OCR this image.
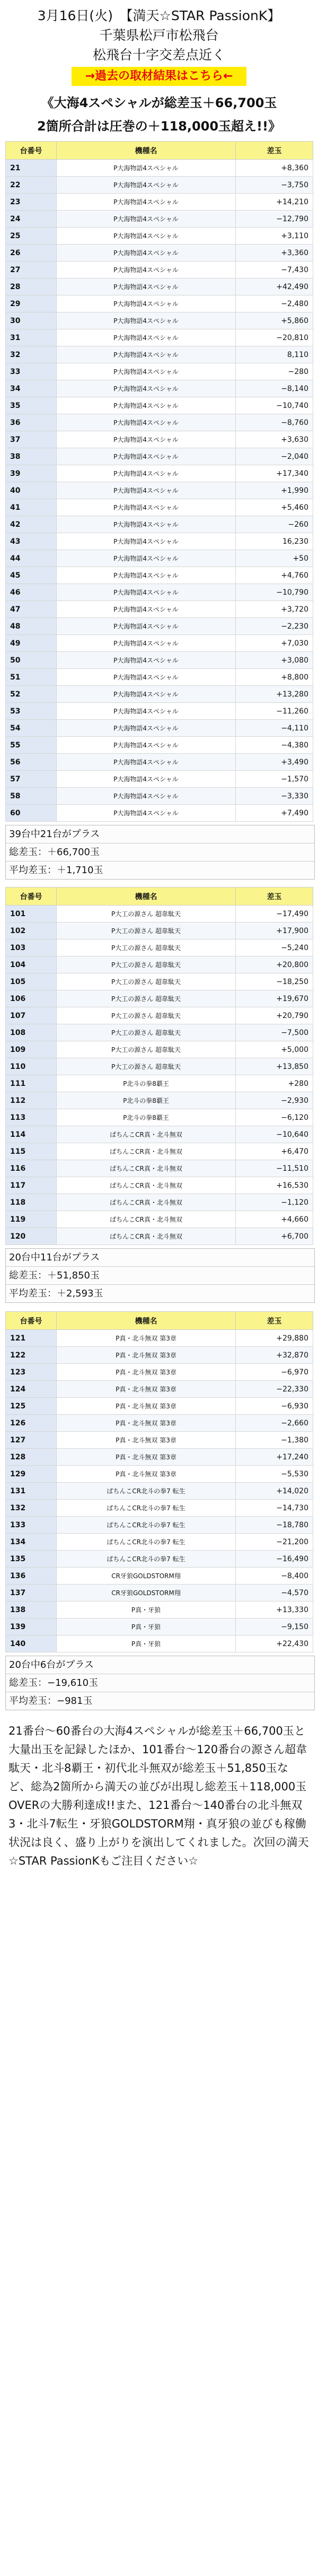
3月16日(火)　【満天☆STAR PassionK】
千葉県松戸市松飛台
松飛台十字交差点近く
→過去の取材結果はこちら←
《大海4スペシャルが総差玉＋66,700玉
2箇所合計は圧巻の＋118,000玉超え!!》
台番号	機種名	差玉
21	P大海物語4スペシャル	+8,360
22	P大海物語4スペシャル	−3,750
23	P大海物語4スペシャル	+14,210
24	P大海物語4スペシャル	−12,790
25	P大海物語4スペシャル	+3,110
26	P大海物語4スペシャル	+3,360
27	P大海物語4スペシャル	−7,430
28	P大海物語4スペシャル	+42,490
29	P大海物語4スペシャル	−2,480
30	P大海物語4スペシャル	+5,860
31	P大海物語4スペシャル	−20,810
32	P大海物語4スペシャル	8,110
33	P大海物語4スペシャル	−280
34	P大海物語4スペシャル	−8,140
35	P大海物語4スペシャル	−10,740
36	P大海物語4スペシャル	−8,760
37	P大海物語4スペシャル	+3,630
38	P大海物語4スペシャル	−2,040
39	P大海物語4スペシャル	+17,340
40	P大海物語4スペシャル	+1,990
41	P大海物語4スペシャル	+5,460
42	P大海物語4スペシャル	−260
43	P大海物語4スペシャル	16,230
44	P大海物語4スペシャル	+50
45	P大海物語4スペシャル	+4,760
46	P大海物語4スペシャル	−10,790
47	P大海物語4スペシャル	+3,720
48	P大海物語4スペシャル	−2,230
49	P大海物語4スペシャル	+7,030
50	P大海物語4スペシャル	+3,080
51	P大海物語4スペシャル	+8,800
52	P大海物語4スペシャル	+13,280
53	P大海物語4スペシャル	−11,260
54	P大海物語4スペシャル	−4,110
55	P大海物語4スペシャル	−4,380
56	P大海物語4スペシャル	+3,490
57	P大海物語4スペシャル	−1,570
58	P大海物語4スペシャル	−3,330
60	P大海物語4スペシャル	+7,490
39台中21台がプラス
総差玉：＋66,700玉
平均差玉：＋1,710玉
台番号	機種名	差玉
101	P大工の源さん 超韋駄天	−17,490
102	P大工の源さん 超韋駄天	+17,900
103	P大工の源さん 超韋駄天	−5,240
104	P大工の源さん 超韋駄天	+20,800
105	P大工の源さん 超韋駄天	−18,250
106	P大工の源さん 超韋駄天	+19,670
107	P大工の源さん 超韋駄天	+20,790
108	P大工の源さん 超韋駄天	−7,500
109	P大工の源さん 超韋駄天	+5,000
110	P大工の源さん 超韋駄天	+13,850
111	P北斗の拳8覇王	+280
112	P北斗の拳8覇王	−2,930
113	P北斗の拳8覇王	−6,120
114	ぱちんこCR真・北斗無双	−10,640
115	ぱちんこCR真・北斗無双	+6,470
116	ぱちんこCR真・北斗無双	−11,510
117	ぱちんこCR真・北斗無双	+16,530
118	ぱちんこCR真・北斗無双	−1,120
119	ぱちんこCR真・北斗無双	+4,660
120	ぱちんこCR真・北斗無双	+6,700
20台中11台がプラス
総差玉：＋51,850玉
平均差玉：＋2,593玉
台番号	機種名	差玉
121	P真・北斗無双 第3章	+29,880
122	P真・北斗無双 第3章	+32,870
123	P真・北斗無双 第3章	−6,970
124	P真・北斗無双 第3章	−22,330
125	P真・北斗無双 第3章	−6,930
126	P真・北斗無双 第3章	−2,660
127	P真・北斗無双 第3章	−1,380
128	P真・北斗無双 第3章	+17,240
129	P真・北斗無双 第3章	−5,530
131	ぱちんこCR北斗の拳7 転生	+14,020
132	ぱちんこCR北斗の拳7 転生	−14,730
133	ぱちんこCR北斗の拳7 転生	−18,780
134	ぱちんこCR北斗の拳7 転生	−21,200
135	ぱちんこCR北斗の拳7 転生	−16,490
136	CR牙狼GOLDSTORM翔	−8,400
137	CR牙狼GOLDSTORM翔	−4,570
138	P真・牙狼	+13,330
139	P真・牙狼	−9,150
140	P真・牙狼	+22,430
20台中6台がプラス
総差玉：−19,610玉
平均差玉：−981玉

21番台〜60番台の大海4スペシャルが総差玉＋66,700玉と大量出玉を記録したほか、101番台〜120番台の源さん超韋駄天・北斗8覇王・初代北斗無双が総差玉＋51,850玉など、総為2箇所から満天の並びが出現し総差玉＋118,000玉OVERの大勝利達成!!また、121番台〜140番台の北斗無双3・北斗7転生・牙狼GOLDSTORM翔・真牙狼の並びも稼働状況は良く、盛り上がりを演出してくれました。次回の満天☆STAR PassionKもご注目ください☆
